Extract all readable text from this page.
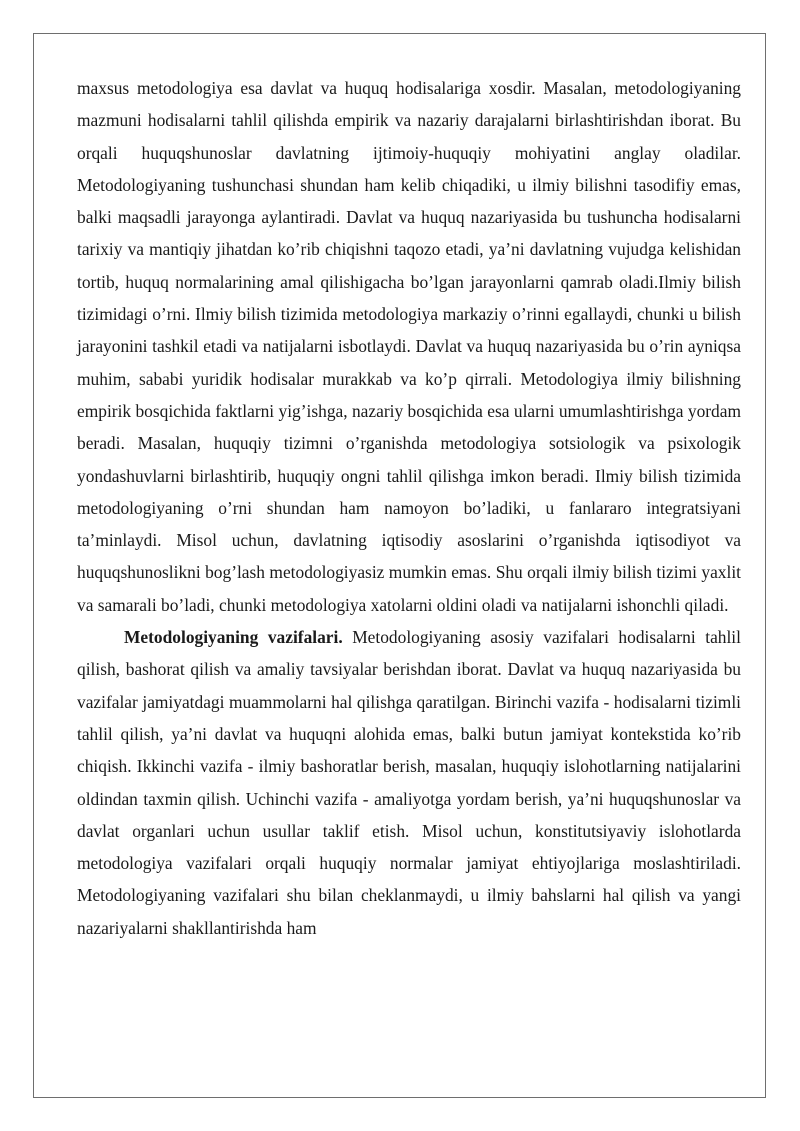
maxsus metodologiya esa davlat va huquq hodisalariga xosdir. Masalan, metodologiyaning mazmuni hodisalarni tahlil qilishda empirik va nazariy darajalarni birlashtirishdan iborat. Bu orqali huquqshunoslar davlatning ijtimoiy-huquqiy mohiyatini anglay oladilar. Metodologiyaning tushunchasi shundan ham kelib chiqadiki, u ilmiy bilishni tasodifiy emas, balki maqsadli jarayonga aylantiradi. Davlat va huquq nazariyasida bu tushuncha hodisalarni tarixiy va mantiqiy jihatdan ko’rib chiqishni taqozo etadi, ya’ni davlatning vujudga kelishidan tortib, huquq normalarining amal qilishigacha bo’lgan jarayonlarni qamrab oladi.Ilmiy bilish tizimidagi o’rni. Ilmiy bilish tizimida metodologiya markaziy o’rinni egallaydi, chunki u bilish jarayonini tashkil etadi va natijalarni isbotlaydi. Davlat va huquq nazariyasida bu o’rin ayniqsa muhim, sababi yuridik hodisalar murakkab va ko’p qirrali. Metodologiya ilmiy bilishning empirik bosqichida faktlarni yig’ishga, nazariy bosqichida esa ularni umumlashtirishga yordam beradi. Masalan, huquqiy tizimni o’rganishda metodologiya sotsiologik va psixologik yondashuvlarni birlashtirib, huquqiy ongni tahlil qilishga imkon beradi. Ilmiy bilish tizimida metodologiyaning o’rni shundan ham namoyon bo’ladiki, u fanlararo integratsiyani ta’minlaydi. Misol uchun, davlatning iqtisodiy asoslarini o’rganishda iqtisodiyot va huquqshunoslikni bog’lash metodologiyasiz mumkin emas. Shu orqali ilmiy bilish tizimi yaxlit va samarali bo’ladi, chunki metodologiya xatolarni oldini oladi va natijalarni ishonchli qiladi.

Metodologiyaning vazifalari. Metodologiyaning asosiy vazifalari hodisalarni tahlil qilish, bashorat qilish va amaliy tavsiyalar berishdan iborat. Davlat va huquq nazariyasida bu vazifalar jamiyatdagi muammolarni hal qilishga qaratilgan. Birinchi vazifa - hodisalarni tizimli tahlil qilish, ya’ni davlat va huquqni alohida emas, balki butun jamiyat kontekstida ko’rib chiqish. Ikkinchi vazifa - ilmiy bashoratlar berish, masalan, huquqiy islohotlarning natijalarini oldindan taxmin qilish. Uchinchi vazifa - amaliyotga yordam berish, ya’ni huquqshunoslar va davlat organlari uchun usullar taklif etish. Misol uchun, konstitutsiyaviy islohotlarda metodologiya vazifalari orqali huquqiy normalar jamiyat ehtiyojlariga moslashtiriladi. Metodologiyaning vazifalari shu bilan cheklanmaydi, u ilmiy bahslarni hal qilish va yangi nazariyalarni shakllantirishda ham
